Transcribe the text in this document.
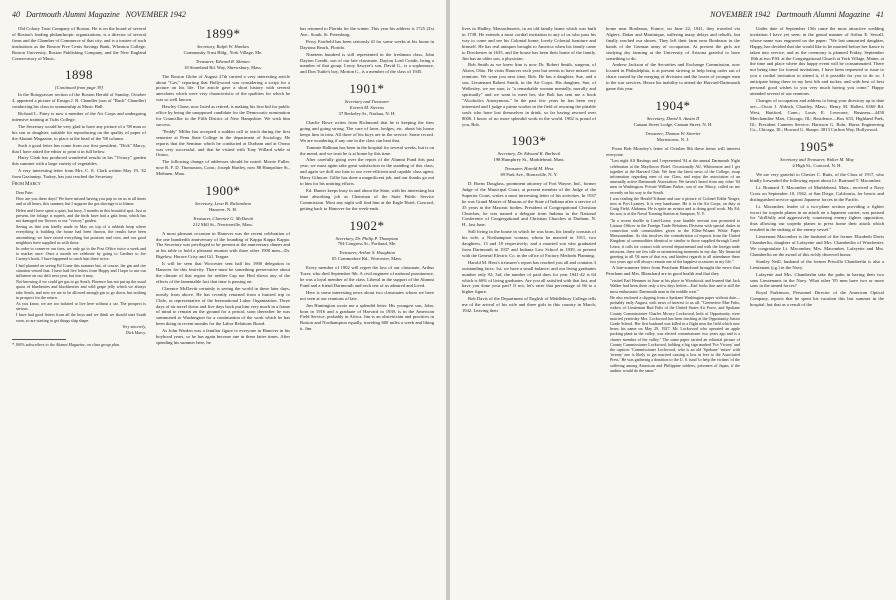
40 Dartmouth Alumni Magazine NOVEMBER 1942

Old Colony Trust Company of Boston. He is on the board of several of Boston's leading philanthropic organizations, is a director of several firms and the Chamber of Commerce of that city, and is a trustee of such institutions as the Boston Five Cents Savings Bank, Wheaton College, Boston University, Boston Publishing Company, and the New England Conservatory of Music.

1898
[Continued from page 39]

In the Rotogravure section of the Boston Herald of Sunday, October 4, appeared a picture of Ensign J. B. Chandler (son of "Buck" Chandler) conducting his class in seamanship at Music Hall.

Richard L. Patey is now a member of the Air Corps and undergoing intensive training at Tufts College.

The Secretary would be very glad to have any picture of a '98 man or his son or daughter, suitable for reproducing on the quality of paper of the Alumni Magazine, to place at the head of the '98 column.

Such a good letter has come from our first president, "Dick" Marcy, that I have asked the editor to print it in full below.

Harry Clark has produced wonderful results in his "Victory" garden this summer with a large variety of vegetables.

A very interesting letter from Mrs. C. E. Clark written May 19, '42 from Gaziantep, Turkey, has just reached the Secretary.

From Marcy

Dear Pate:

How are you these days? We have missed having you pop in on us at all times and at all hours, this summer, but I suppose the gas shortage is to blame.

Helen and I have spent a quiet, but busy, 3 months in this beautiful spot. Just at present, the foliage is superb, and the birds have had a gala feast, which has not damaged our flowers or our "victory" garden.

Seeing as that was hardly made in May on top of a rubbish heap where everything is building the house had been thrown, the results have been astonishing; we have raised everything but potatoes and corn, and our good neighbors have supplied us with those.

In order to conserve our tires, we only go to the Post Office twice a week and to market once. Once a month we celebrate by going to Gardner to Joe Carney's book. I have happened to catch him there twice.

I had planned on seeing Ed Crane this summer but, of course, the gas and tire situation vetoed that. I have had five letters from Hoppy and I hope to use our influence on our drift next year, but fear it may.

Not knowing if we could get gas to go South, Florence has not put up the usual quota of blueberries and blackberries and wild grape jelly which we always take South, and now we are to be allowed enough gas to go down, but nothing in prospect for the return.

As you know, we are too isolated to live here without a car. The prospect is serious.

I have had good letters from all the boys and we think we should start South soon, so are starting to get things ship shape.

Very sincerely,

Dick Marcy.

* 100% subscribers to the Alumni Magazine, on class group plan.
1899*
Secretary, Ralph W. Hawkes
Community Trust Bldg., York Village, Me.
Treasurer, Edward R. Skinner
18 Stoneland Rd. Way, Shrewsbury, Mass.

The Boston Globe of August 27th carried a very interesting article about "Cav," reporting that Hollywood was considering a script for a picture on his life. The article gave a short history with several anecdotes which were very characteristic of the qualities for which he was so well known.

Hawley Chase, now listed as retired, is making his first bid for public office by being the unopposed candidate for the Democratic nomination for Councillor in the Fifth District of New Hampshire. We wish him success.

"Peddy" Miller has accepted a sudden call to teach during the first semester at Penn State College in the department of Sociology. He reports that the Seminar which he conducted at Durham and at Orono was very successful, and that he visited with Tony Willard while at Orono.

The following change of addresses should be noted: Morrie Fuller, now R. F. D. Thomaston, Conn.; Joseph Hartley, now 88 Hampshire St., Methuen, Mass.

1900*
Secretary, Leon B. Richardson
Hanover, N. H.
Treasurer, Clarence G. McDavitt
212 Mill St., Newtonville, Mass.

A most pleasant occasion in Hanover was the recent celebration of the one hundredth anniversary of the founding of Kappa Kappa Kappa. The Secretary was privileged to be present at the anniversary dinner and at his table to hold a pleasant reunion with three other 1900 men—Dr. Bigelow, Horace Crisy and Gil. Teague.

It will be seen that Worcester sent half his 1900 delegation to Hanover for this festivity. There must be something preservative about the climate of that region for neither Cap nor Hod shows any of the effects of the lamentable fact that time is passing on.

Clarence McDavitt certainly is seeing the world in these later days, mostly from above. He has recently returned from a hurried trip to Chile, as representative of the International Labor Organization. Three days of air travel down and five days back put him very much in a frame of mind to remain on the ground for a period, soon thereafter he was summoned to Washington for a continuation of the work which he has been doing in recent months for the Labor Relations Board.

As John Warden was a familiar figure to everyone in Hanover in his boyhood years, so he has again become one in these latter times. After spending his summer here, he

has returned to Florida for the winter. This year his address is 1725 21st Ave., South, St. Petersburg.

Percy Fairfield has been seriously ill for some weeks at his home in Daytona Beach, Florida.

Nineteen hundred is still represented in the freshman class, John Dayton Condit, son of our late classmate, Dayton Lord Condit, being a member of that group. Leroy Sawyer's son, David G., is a sophomore, and Don Tuttle's boy, Morton C., is a member of the class of 1945.

1901*
Secretary and Treasurer
Everett M. Stevens
37 Berkeley St., Nashua, N. H.

Charlie Howe writes from Richmond that he is keeping the fires going and going strong. The care of lawn, hedges, etc. about his house keeps him in trim. All three of his boys are in the service. Some record. We are wondering if any one in the class can beat that.

Tommie Hallman has been in the hospital for several weeks, but is on the mend, and we trust he is at home by this time.

After carefully going over the report of the Alumni Fund this past year, we must again take great satisfaction in the standing of this class, and again we doff our hats to our ever-efficient and capable class agent, Harry Gilmore. Gillie has done a magnificent job, and our thanks go out to him for his untiring efforts.

Ed. Hunter keeps busy in and about the State, with his interesting but time absorbing job as Chairman of the State Public Service Commission. Most any night will find him at the Eagle Hotel, Concord, getting back to Hanover for the week-ends.

1902*
Secretary, Dr. Philip P. Thompson
704 Congress St., Portland, Me.
Treasurer, Arthur S. Houghton
65 Commodore Rd., Worcester, Mass.

Every member of 1902 will regret the loss of our classmate, Arthur Tozer, who died September 9th. A civil engineer of national prominence, he was a loyal member of the class. Liberal in the support of the Alumni Fund and a friend Dartmouth and each one of us admired and loved.

Here is some interesting news about two classmates whom we have not seen at our reunions of late.

Jim Huntington wrote me a splendid letter. His youngest son, John, born in 1916 and a graduate of Harvard in 1939, is in the American Field Service, probably in Africa. Jim is an obstetrician and practices in Boston and Northampton equally, traveling 600 miles a week and liking it. Jim

NOVEMBER 1942 Dartmouth Alumni Magazine 41

lives in Hadley, Massachusetts, in an old family home which was built in 1738. He extends a most cordial invitation to any of us who pass his way to come and see his Colonial home, lovely Colonial furniture and himself. He has real antiques brought to America when his family came to Dorchester in 1635, and the house has been their home of the family. Jim has an older son, a physician.

Bob Smith as we knew him is now Dr. Robert Smith, surgeon, of Akron, Ohio. He visits Hanover each year but seems to have missed our reunions. We want you next time, Bob. He has a daughter, Sue, and a son, Lieutenant Robert Smith, in the Air Corps. His daughter, Sue, of Wellesley, we are sure, is "a remarkable woman mentally, morally and spiritually" and we want to meet her, she Bob has sent me a book "Alcoholics Anonymous." In the past few years he has been very interested and I judge a prime worker in the field of rescuing the pitiable souls who have lost themselves in drink, so far having rescued over 8000. I know of no more splendid work in the world. 1902 is proud of you, Bob.

1903*
Secretary, Dr. Edward K. Burbeck
198 Humphrey St., Marblehead, Mass.
Treasurer, Harold M. Hess
69 Park Ave., Bronxville, N. Y.

D. Borns Douglass, prominent attorney of Fort Wayne, Ind., former Judge of the Municipal Court, at present member of the Judge of the Superior Court, writes a most interesting letter of his activities. In 1937 he was Grand Master of Masons of the State of Indiana after a service of 35 years in the Masonic bodies. President of Congregational Christian Churches, he was named a delegate from Indiana to the National Conference of Congregational and Christian Churches at Durham, N. H., last June.

Still living in the house in which he was born, his family consists of his wife, a Northampton woman, whom he married in 1911, two daughters, 13 and 18 respectively; and a married son who graduated from Dartmouth in 1937 and Indiana Law School in 1939, at present with the General Electric Co. in the office of Factory Methods Planning.

Harold M. Hess's treasurer's report has reached you all and contains 3 outstanding facts: 1st, we have a small balance; and our living graduates number only 92; 3rd, the number of paid dues for year 1941-42 is 64 which is 66% of living graduates. Are you all satisfied with that last, and have you done your part? If not, let's raise that percentage of 66 to a higher figure.

Bob Davis of the Department of English of Middlebury College tells me of the arrival of his wife and three girls in this country in March, 1942. Leaving their

home near Bordeaux, France, on June 22, 1941, they traveled via Algiers, Dakar and Martinique, suffering many delays and rebuffs, but finally reached our shores. They left their farm near Bordeaux in the hands of the German army of occupation. At present the girls are studying dry farming at the University of Arizona grateful to have something to do.

Andrew Jackson of the Securities and Exchange Commission, now located in Philadelphia, is at present striving to help bring order out of chaos caused by the merging of divisions and the losses of younger men to the war services. Hence his inability to attend the Harvard-Dartmouth game this year.

1904*
Secretary, David S. Austin II
Canaan Street Lodge, Canaan Street, N. H.
Treasurer, Thomas W. Streeter
Morristown, N. J.

From Bob Moseley's letter of October 8th these items will interest everyone.

"Last night Alf Hastings and I represented '04 at the annual Dartmouth Night celebration at the Mayflower Hotel. Occasionally Alf, Whittemore and I get together at the Harvard Club. We hear the latest news of the College, swap information regarding men of our Class, and enjoy the association of an unusually active Dartmouth Association. We haven't heard from any other '04 men in Washington. Private William Parker, son of our Marcy, called on me recently on his way to the South.

I was reading the Herald-Tribune and saw a picture of Colonel Eddie Yeager, now at Port Lyautey. It is very handsome. He is in the Air Corps, on duty at Craig Field, Alabama. He is quite an aviator and is doing good work. My Ed, his son, is at the Naval Training Station at Sampson, N. Y.

"In a recent shuffle in Lend-Lease, your humble servant was promoted to Liaison Officer in the Foreign Trade Relations Division with special duties in connection with commodities given to the Ellise-Winant White Paper Memorandum. As this involves the consideration of exports from the United Kingdom of commodities identical or similar to those supplied through Lend-Lease, it calls for contact with several departmental and with the foreign trade missions, there are few idle or uninteresting moments in my day. My financial greeting to all '04 men of that era, and kindest regards to all attendance these two years ago will always remain one of the happiest occasions in my life."

A late-summer letter from Peacham Blanchard brought the news that Peacham and Mrs. Blanchard are in good health and that they

"visited Earl Hemmer in June at his place in Woodstock and learned that Jack Walker had been there only a few days before—Earl looks fine and is still the most enthusiastic Dartmouth man in the middle west."

He also enclosed a clipping from a Spokane Washington paper without date—probably early August, with news of interest to us all: "Greenview Mae Fults, widow of Lieutenant Bud Fults of the United States Air Force, and Spokane County Commissioner Charles Mowry Lockwood, both of Opportunity, were married yesterday Mrs. Lockwood has been teaching at the Opportunity Junior Grade School. Her first husband was killed in a flight near the field which now bears his name on May 29, 1927. Mr. Lockwood who operated an apple packing plant in the valley, was elected commissioner two years ago and is a charter member of the valley." The same paper carried an editorial picture of County Commissioner Lockwood, holding a big sign marked 'For Victory' and the caption: 'Commissioner Lockwood, who is an old 'Spokane' 'mixer' with 'twenty' one is likely to get married causing a loss in fees to the Associated Press.' He was gathering a donation to the U. S. fund 'to help the victims' of the suffering among American and Philippine soldiers, prisoners of Japan, if the auditor would do the same."

Under date of September 15th came the most attractive wedding invitation I have yet seen; in the genial manner of Arthur E. Sewall, whose name was engraved on the paper: "We last unmarried daughter, Happy, has decided that she would like to be married before her fiance is taken into service, and as the ceremony is planned Friday, September 18th at two P.M. at the Congregational Church at York Village, Maine, at the time and place where this happy event will be consummated. There not being time for formal invitations, I have been requested to issue to you a cordial invitation to attend it, if it possible for you to do so. I anticipate being there in my best bib and tucker, and with best of best personal good wishes to you very much having you come." Happy attended several of our reunions.

Changes of occupation and address to bring your directory up to date are:—Oscar J. Aldrich, Chartley, Mass.; Henry M. Hallett, 6560 Rd. West, Hartford, Conn.; Louis E. Leverone, Business—4450 Merchandise Mart, Chicago, Ill.; Residence—Box 653, Highland Park, Ill.; President Canteen Service; Harrison G. Rohr, Harza Engineering Co., Chicago, Ill.; Howard G. Sharpe, 3813 Carlton Way, Hollywood.

1905*
Secretary and Treasurer, Walter M. May
4 High St., Concord, N. H.

We are very grateful to Chester C. Butts, of the Class of 1917, who kindly forwarded the following report about Lt. Brainard T. Macomber.

Lt. Brainard T. Macomber of Marblehead, Mass., received a Navy Cross on September 10, 1942, at San Diego, California, for heroic and distinguished service against Japanese forces in the Pacific.

Lt. Macomber, leader of a two-plane section providing a fighter escort for torpedo planes in an attack on a Japanese carrier, was praised for "skillfully and aggressively countering enemy fighter opposition, thus allowing our torpedo planes to press home their attack which resulted in the sinking of the enemy vessel."

Lieutenant Macomber is the husband of the former Elizabeth Davis Chamberlin, daughter of Lafayette and Mrs. Chamberlin of Winchester. We congratulate Lt. Macomber, Mrs. Macomber, Lafayette and Mrs. Chamberlin on the award of this richly deserved honor.

Stanley Neill, husband of the former Priscilla Chamberlin is also a Lieutenant (j.g.) in the Navy.

Lafayette and Mrs. Chamberlin take the palm in having their two sons Lieutenants in the Navy. What other '05 men have two or more sons in the armed forces?

Royal Parkinson, Personnel Director of the American Optical Company, reports that he spent his vacation this last summer in the hospital, but that as a result of the
